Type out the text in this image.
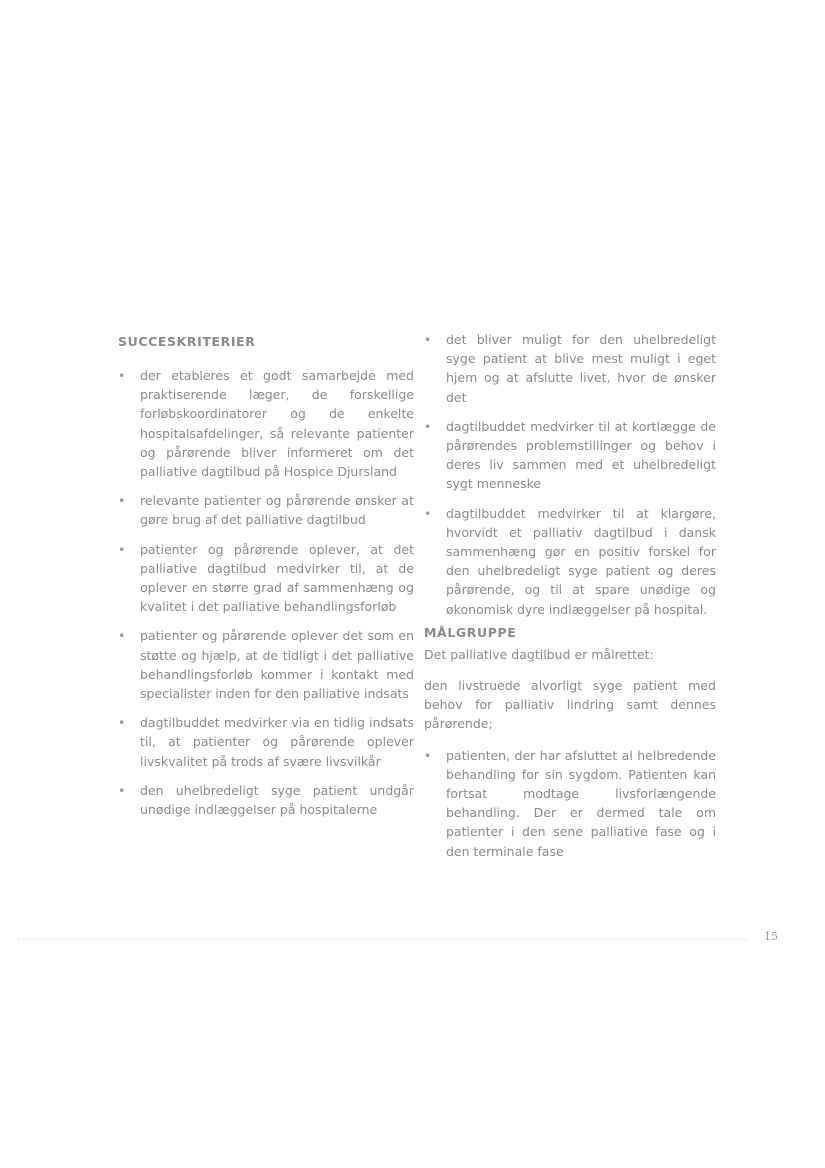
SUCCESKRITERIER
• der etableres et godt samarbejde med praktiserende læger, de forskellige forløbskoordinatorer og de enkelte hospitalsafdelinger, så relevante patienter og pårørende bliver informeret om det palliative dagtilbud på Hospice Djursland
• relevante patienter og pårørende ønsker at gøre brug af det palliative dagtilbud
• patienter og pårørende oplever, at det palliative dagtilbud medvirker til, at de oplever en større grad af sammenhæng og kvalitet i det palliative behandlingsforløb
• patienter og pårørende oplever det som en støtte og hjælp, at de tidligt i det palliative behandlingsforløb kommer i kontakt med specialister inden for den palliative indsats
• dagtilbuddet medvirker via en tidlig indsats til, at patienter og pårørende oplever livskvalitet på trods af svære livsvilkår
• den uhelbredeligt syge patient undgår unødige indlæggelser på hospitalerne
• det bliver muligt for den uhelbredeligt syge patient at blive mest muligt i eget hjem og at afslutte livet, hvor de ønsker det
• dagtilbuddet medvirker til at kortlægge de pårørendes problemstillinger og behov i deres liv sammen med et uhelbredeligt sygt menneske
• dagtilbuddet medvirker til at klargøre, hvorvidt et palliativ dagtilbud i dansk sammenhæng gør en positiv forskel for den uhelbredeligt syge patient og deres pårørende, og til at spare unødige og økonomisk dyre indlæggelser på hospital.
MÅLGRUPPE

Det palliative dagtilbud er målrettet:

den livstruede alvorligt syge patient med behov for palliativ lindring samt dennes pårørende;

• patienten, der har afsluttet al helbredende behandling for sin sygdom. Patienten kan fortsat modtage livsforlængende behandling. Der er dermed tale om patienter i den sene palliative fase og i den terminale fase
15
